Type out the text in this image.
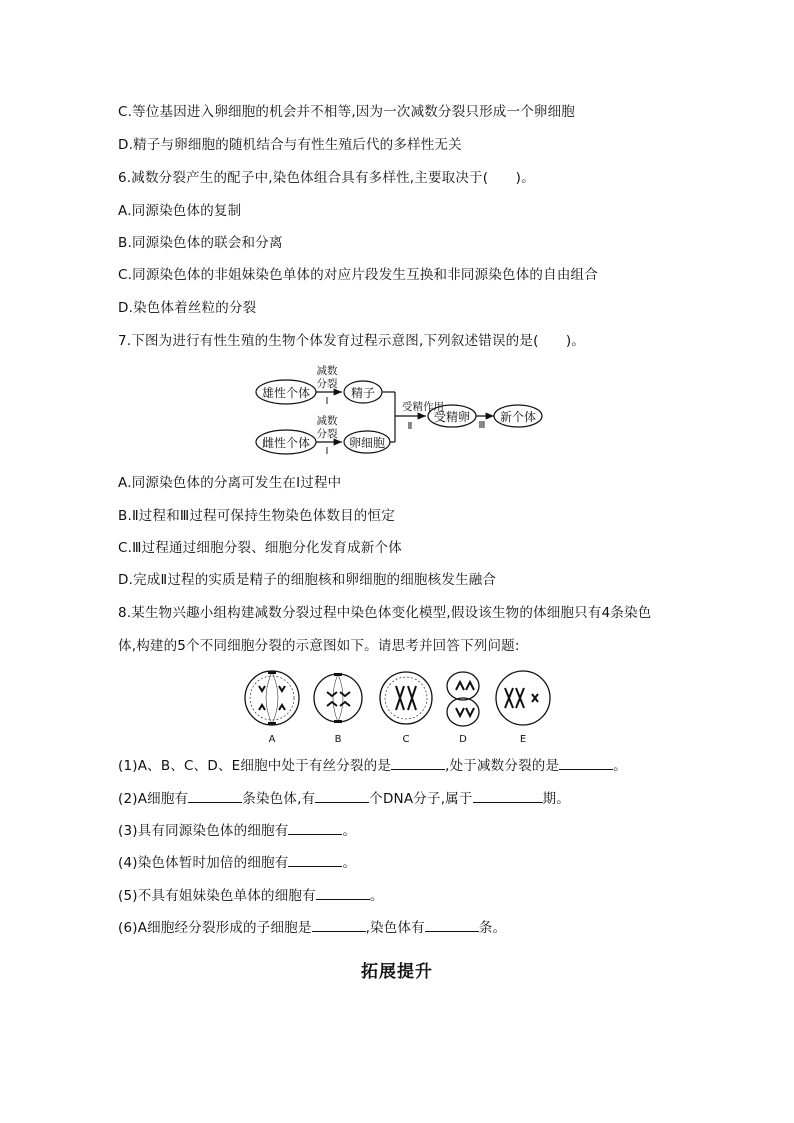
C.等位基因进入卵细胞的机会并不相等,因为一次减数分裂只形成一个卵细胞
D.精子与卵细胞的随机结合与有性生殖后代的多样性无关
6.减数分裂产生的配子中,染色体组合具有多样性,主要取决于(　　)。
A.同源染色体的复制
B.同源染色体的联会和分离
C.同源染色体的非姐妹染色单体的对应片段发生互换和非同源染色体的自由组合
D.染色体着丝粒的分裂
7.下图为进行有性生殖的生物个体发育过程示意图,下列叙述错误的是(　　)。
雄性个体
雌性个体
减数
分裂
Ⅰ
减数
分裂
Ⅰ
精子
卵细胞
受精作用
Ⅱ
受精卵
Ⅲ
新个体
A.同源染色体的分离可发生在Ⅰ过程中
B.Ⅱ过程和Ⅲ过程可保持生物染色体数目的恒定
C.Ⅲ过程通过细胞分裂、细胞分化发育成新个体
D.完成Ⅱ过程的实质是精子的细胞核和卵细胞的细胞核发生融合
8.某生物兴趣小组构建减数分裂过程中染色体变化模型,假设该生物的体细胞只有4条染色
体,构建的5个不同细胞分裂的示意图如下。请思考并回答下列问题:
A	B	C	D	E
(1)A、B、C、D、E细胞中处于有丝分裂的是	,处于减数分裂的是	。
(2)A细胞有	条染色体,有	个DNA分子,属于	期。
(3)具有同源染色体的细胞有	。
(4)染色体暂时加倍的细胞有	。
(5)不具有姐妹染色单体的细胞有	。
(6)A细胞经分裂形成的子细胞是	,染色体有	条。
拓展提升
